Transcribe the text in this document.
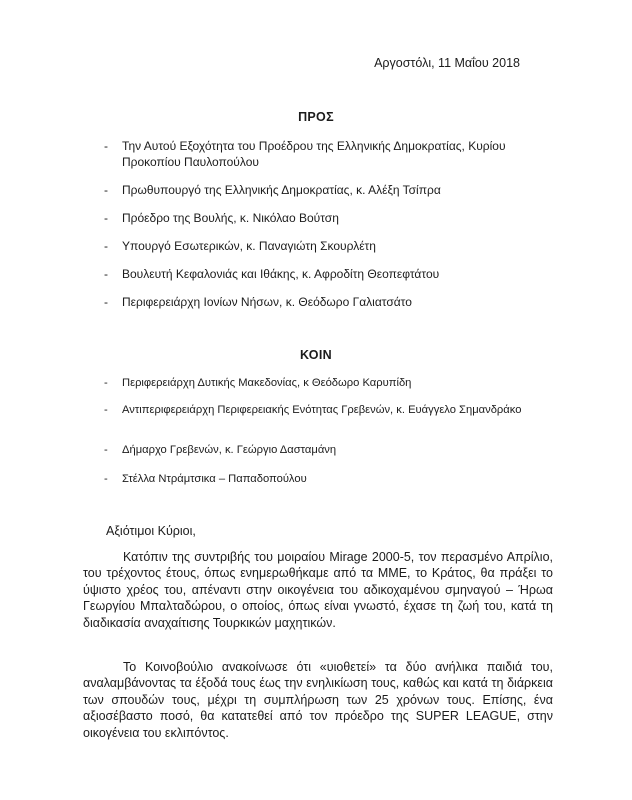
Αργοστόλι, 11 Μαΐου 2018
ΠΡΟΣ
- Την Αυτού Εξοχότητα του Προέδρου της Ελληνικής Δημοκρατίας, Κυρίου Προκοπίου Παυλοπούλου
- Πρωθυπουργό της Ελληνικής Δημοκρατίας, κ. Αλέξη Τσίπρα
- Πρόεδρο της Βουλής, κ. Νικόλαο Βούτση
- Υπουργό Εσωτερικών, κ. Παναγιώτη Σκουρλέτη
- Βουλευτή Κεφαλονιάς και Ιθάκης, κ. Αφροδίτη Θεοπεφτάτου
- Περιφερειάρχη Ιονίων Νήσων, κ. Θεόδωρο Γαλιατσάτο
ΚΟΙΝ
- Περιφερειάρχη Δυτικής Μακεδονίας, κ Θεόδωρο Καρυπίδη
- Αντιπεριφερειάρχη Περιφερειακής Ενότητας Γρεβενών, κ. Ευάγγελο Σημανδράκο
- Δήμαρχο Γρεβενών, κ. Γεώργιο Δασταμάνη
- Στέλλα Ντράμτσικα – Παπαδοπούλου
Αξιότιμοι Κύριοι,

Κατόπιν της συντριβής του μοιραίου Mirage 2000-5, τον περασμένο Απρίλιο, του τρέχοντος έτους, όπως ενημερωθήκαμε από τα ΜΜΕ, το Κράτος, θα πράξει το ύψιστο χρέος του, απέναντι στην οικογένεια του αδικοχαμένου σμηναγού – Ήρωα Γεωργίου Μπαλταδώρου, ο οποίος, όπως είναι γνωστό, έχασε τη ζωή του, κατά τη διαδικασία αναχαίτισης Τουρκικών μαχητικών.

Το Κοινοβούλιο ανακοίνωσε ότι «υιοθετεί» τα δύο ανήλικα παιδιά του, αναλαμβάνοντας τα έξοδά τους έως την ενηλικίωση τους, καθώς και κατά τη διάρκεια των σπουδών τους, μέχρι τη συμπλήρωση των 25 χρόνων τους. Επίσης, ένα αξιοσέβαστο ποσό, θα κατατεθεί από τον πρόεδρο της SUPER LEAGUE, στην οικογένεια του εκλιπόντος.
